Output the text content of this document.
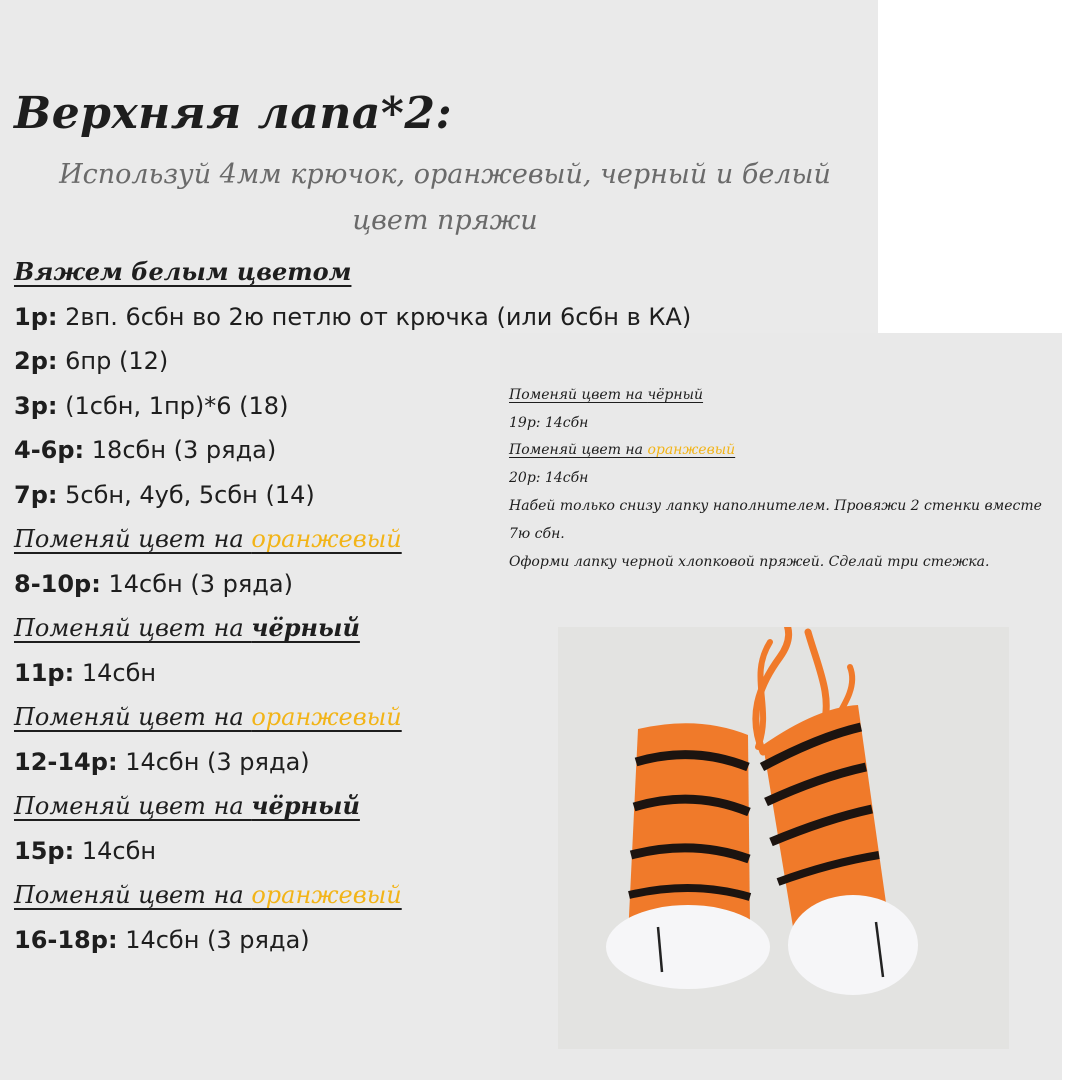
Верхняя лапа*2:
Используй 4мм крючок, оранжевый, черный и белый цвет пряжи
Вяжем белым цветом
1р: 2вп. 6сбн во 2ю петлю от крючка (или 6сбн в КА)
2р: 6пр (12)
3р: (1сбн, 1пр)*6 (18)
4-6р: 18сбн (3 ряда)
7р: 5сбн, 4уб, 5сбн (14)
Поменяй цвет на оранжевый
8-10р: 14сбн (3 ряда)
Поменяй цвет на чёрный
11р: 14сбн
Поменяй цвет на оранжевый
12-14р: 14сбн (3 ряда)
Поменяй цвет на чёрный
15р: 14сбн
Поменяй цвет на оранжевый
16-18р: 14сбн (3 ряда)
Поменяй цвет на чёрный
19р: 14сбн
Поменяй цвет на оранжевый
20р: 14сбн
Набей только снизу лапку наполнителем. Провяжи 2 стенки вместе 7ю сбн.
Оформи лапку черной хлопковой пряжей. Сделай три стежка.
